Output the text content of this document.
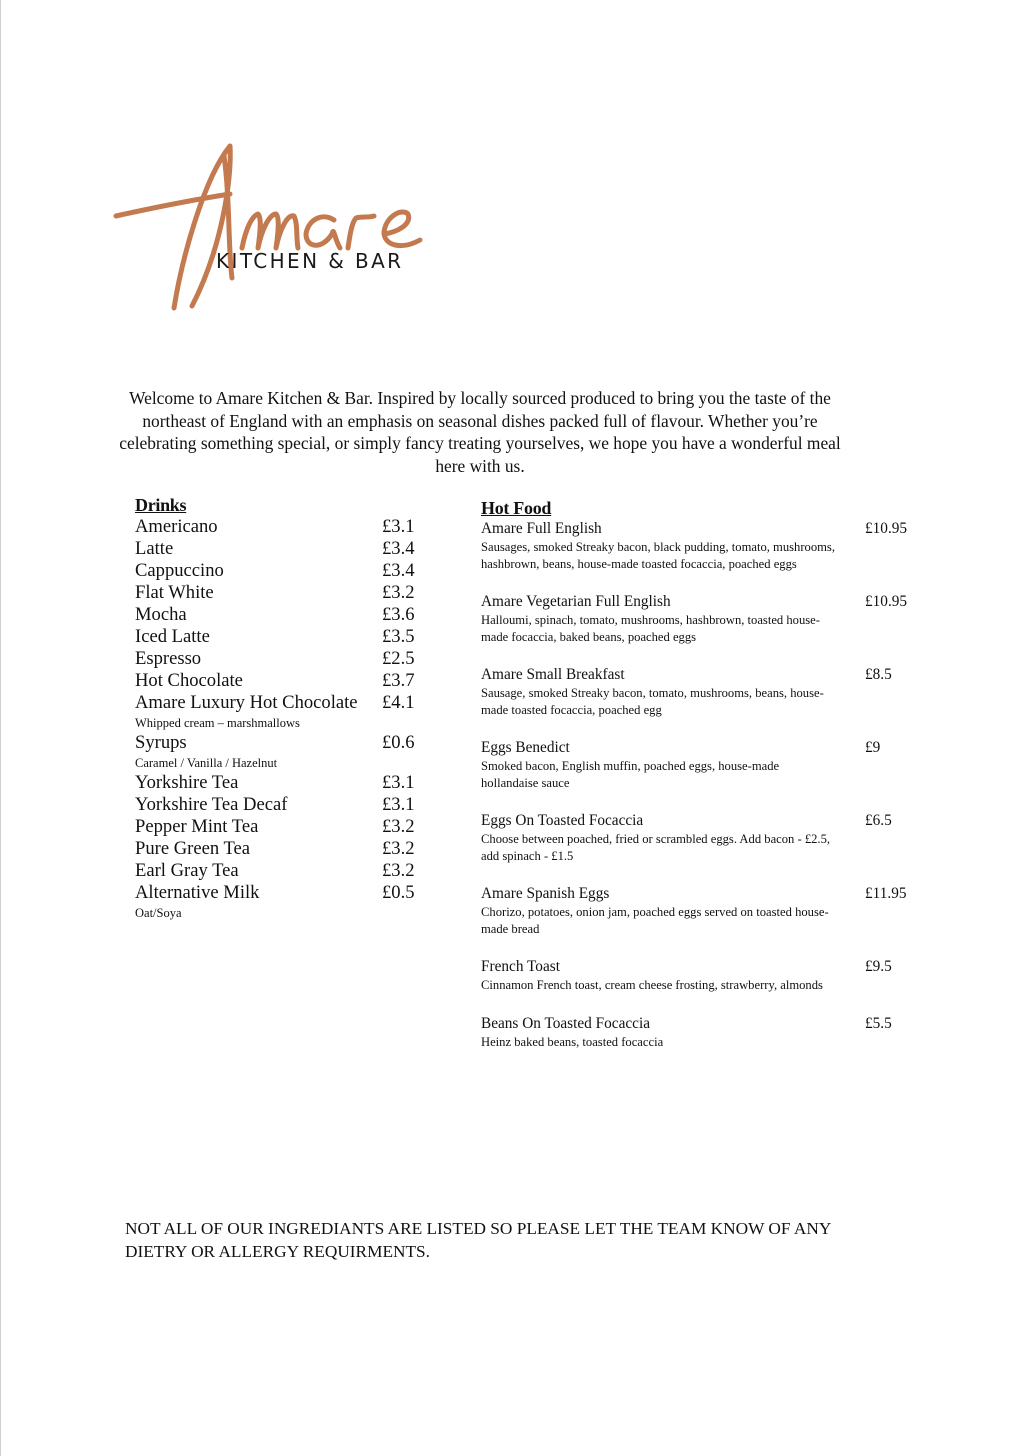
KITCHEN & BAR
Welcome to Amare Kitchen & Bar. Inspired by locally sourced produced to bring you the taste of the northeast of England with an emphasis on seasonal dishes packed full of flavour. Whether you’re celebrating something special, or simply fancy treating yourselves, we hope you have a wonderful meal here with us.
Drinks
Americano	£3.1
Latte	£3.4
Cappuccino	£3.4
Flat White	£3.2
Mocha	£3.6
Iced Latte	£3.5
Espresso	£2.5
Hot Chocolate	£3.7
Amare Luxury Hot Chocolate £4.1
Whipped cream – marshmallows
Syrups	£0.6
Caramel / Vanilla / Hazelnut
Yorkshire Tea	£3.1
Yorkshire Tea Decaf	£3.1
Pepper Mint Tea	£3.2
Pure Green Tea	£3.2
Earl Gray Tea	£3.2
Alternative Milk	£0.5
Oat/Soya
Hot Food
Amare Full English	£10.95
Sausages, smoked Streaky bacon, black pudding, tomato, mushrooms, hashbrown, beans, house-made toasted focaccia, poached eggs
Amare Vegetarian Full English	£10.95
Halloumi, spinach, tomato, mushrooms, hashbrown, toasted house-made focaccia, baked beans, poached eggs
Amare Small Breakfast	£8.5
Sausage, smoked Streaky bacon, tomato, mushrooms, beans, house-made toasted focaccia, poached egg
Eggs Benedict	£9
Smoked bacon, English muffin, poached eggs, house-made hollandaise sauce
Eggs On Toasted Focaccia	£6.5
Choose between poached, fried or scrambled eggs. Add bacon - £2.5, add spinach - £1.5
Amare Spanish Eggs	£11.95
Chorizo, potatoes, onion jam, poached eggs served on toasted house-made bread
French Toast	£9.5
Cinnamon French toast, cream cheese frosting, strawberry, almonds
Beans On Toasted Focaccia	£5.5
Heinz baked beans, toasted focaccia
NOT ALL OF OUR INGREDIANTS ARE LISTED SO PLEASE LET THE TEAM KNOW OF ANY DIETRY OR ALLERGY REQUIRMENTS.
